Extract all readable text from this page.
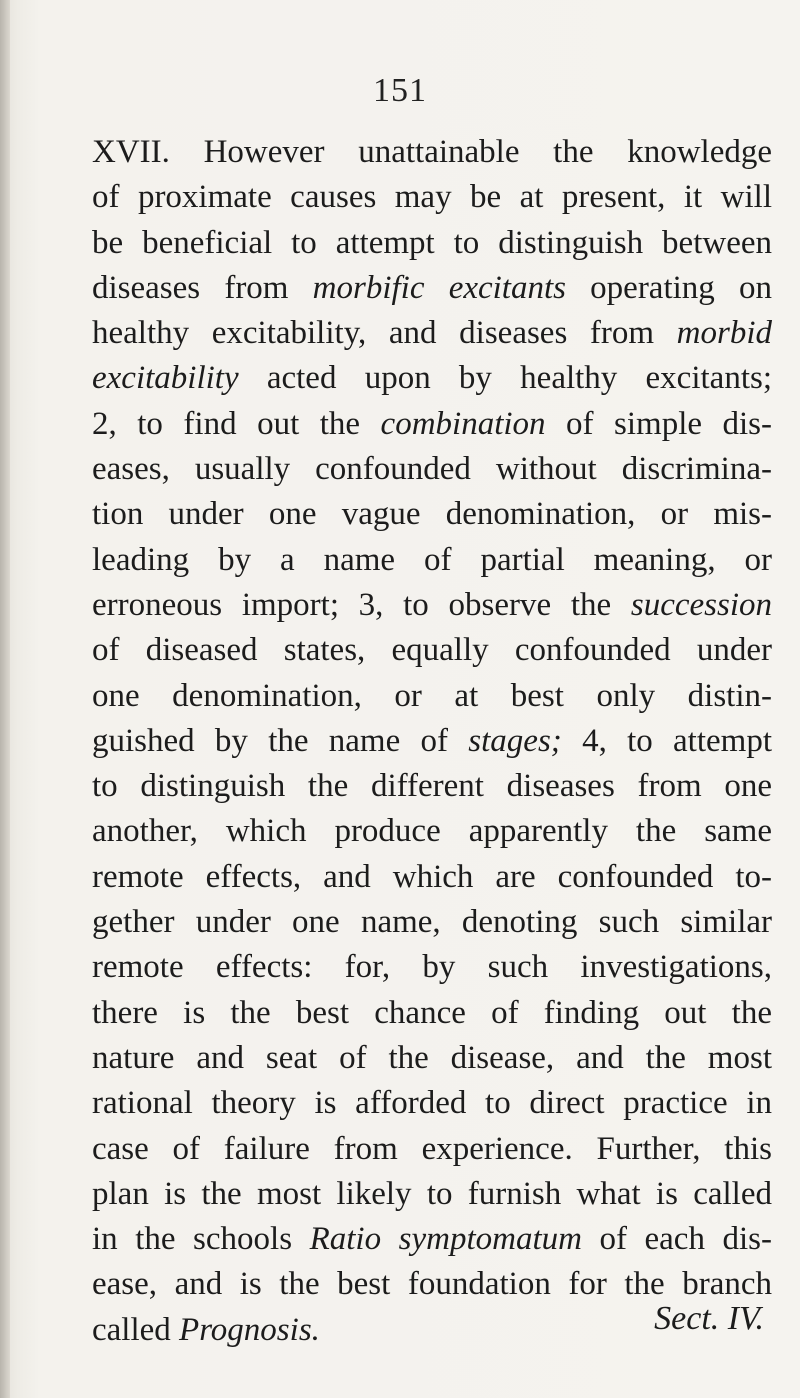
151
XVII. However unattainable the knowledge
of proximate causes may be at present, it will
be beneficial to attempt to distinguish between
diseases from morbific excitants operating on
healthy excitability, and diseases from morbid
excitability acted upon by healthy excitants;
2, to find out the combination of simple dis-
eases, usually confounded without discrimina-
tion under one vague denomination, or mis-
leading by a name of partial meaning, or
erroneous import; 3, to observe the succession
of diseased states, equally confounded under
one denomination, or at best only distin-
guished by the name of stages; 4, to attempt
to distinguish the different diseases from one
another, which produce apparently the same
remote effects, and which are confounded to-
gether under one name, denoting such similar
remote effects: for, by such investigations,
there is the best chance of finding out the
nature and seat of the disease, and the most
rational theory is afforded to direct practice in
case of failure from experience. Further, this
plan is the most likely to furnish what is called
in the schools Ratio symptomatum of each dis-
ease, and is the best foundation for the branch
called Prognosis.	Sect. IV.
